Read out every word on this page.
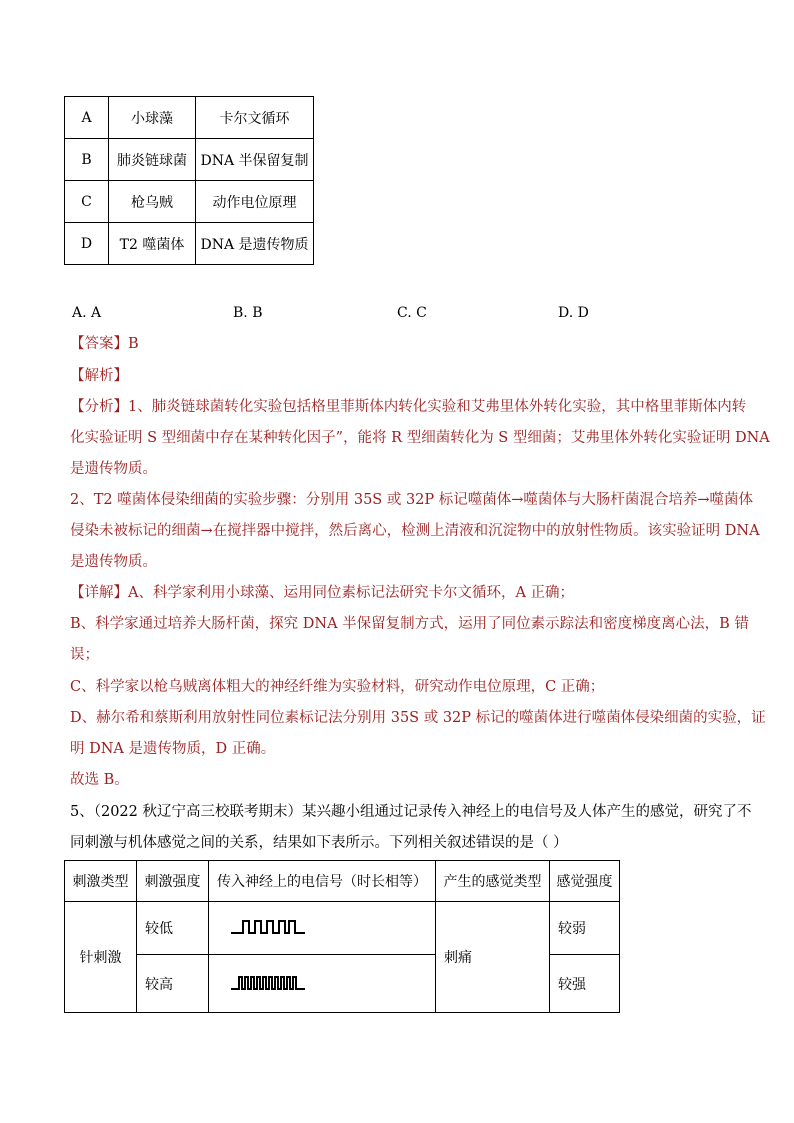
A	小球藻	卡尔文循环
B	肺炎链球菌	DNA 半保留复制
C	枪乌贼	动作电位原理
D	T2 噬菌体	DNA 是遗传物质
A. A	B. B	C. C	D. D
【答案】B
【解析】
【分析】1、肺炎链球菌转化实验包括格里菲斯体内转化实验和艾弗里体外转化实验，其中格里菲斯体内转
化实验证明 S 型细菌中存在某种转化因子”，能将 R 型细菌转化为 S 型细菌；艾弗里体外转化实验证明 DNA
是遗传物质。
2、T2 噬菌体侵染细菌的实验步骤：分别用 35S 或 32P 标记噬菌体→噬菌体与大肠杆菌混合培养→噬菌体
侵染未被标记的细菌→在搅拌器中搅拌，然后离心，检测上清液和沉淀物中的放射性物质。该实验证明 DNA
是遗传物质。
【详解】A、科学家利用小球藻、运用同位素标记法研究卡尔文循环，A 正确；
B、科学家通过培养大肠杆菌，探究 DNA 半保留复制方式，运用了同位素示踪法和密度梯度离心法，B 错
误；
C、科学家以枪乌贼离体粗大的神经纤维为实验材料，研究动作电位原理，C 正确；
D、赫尔希和蔡斯利用放射性同位素标记法分别用 35S 或 32P 标记的噬菌体进行噬菌体侵染细菌的实验，证
明 DNA 是遗传物质，D 正确。
故选 B。
5、（2022 秋辽宁高三校联考期末）某兴趣小组通过记录传入神经上的电信号及人体产生的感觉，研究了不
同刺激与机体感觉之间的关系，结果如下表所示。下列相关叙述错误的是（ ）
刺激类型	刺激强度	传入神经上的电信号（时长相等）	产生的感觉类型	感觉强度
针刺激	较低		刺痛	较弱
	较高			较强
